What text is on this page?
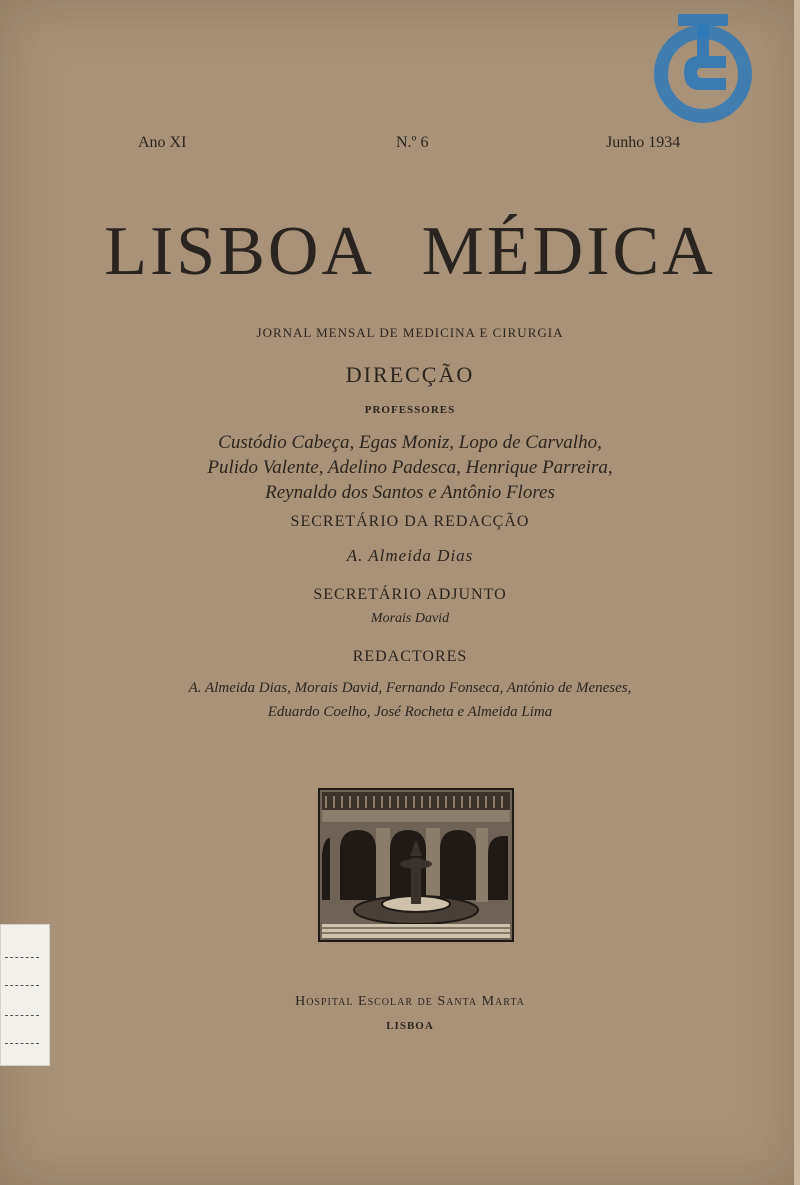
Ano XI	N.º 6	Junho 1934
LISBOA MÉDICA
JORNAL MENSAL DE MEDICINA E CIRURGIA
DIRECÇÃO
PROFESSORES
Custódio Cabeça, Egas Moniz, Lopo de Carvalho,
Pulido Valente, Adelino Padesca, Henrique Parreira,
Reynaldo dos Santos e Antônio Flores
SECRETÁRIO DA REDACÇÃO
A. Almeida Dias
SECRETÁRIO ADJUNTO
Morais David
REDACTORES
A. Almeida Dias, Morais David, Fernando Fonseca, António de Meneses,
Eduardo Coelho, José Rocheta e Almeida Lima
Hospital Escolar de Santa Marta
LISBOA
